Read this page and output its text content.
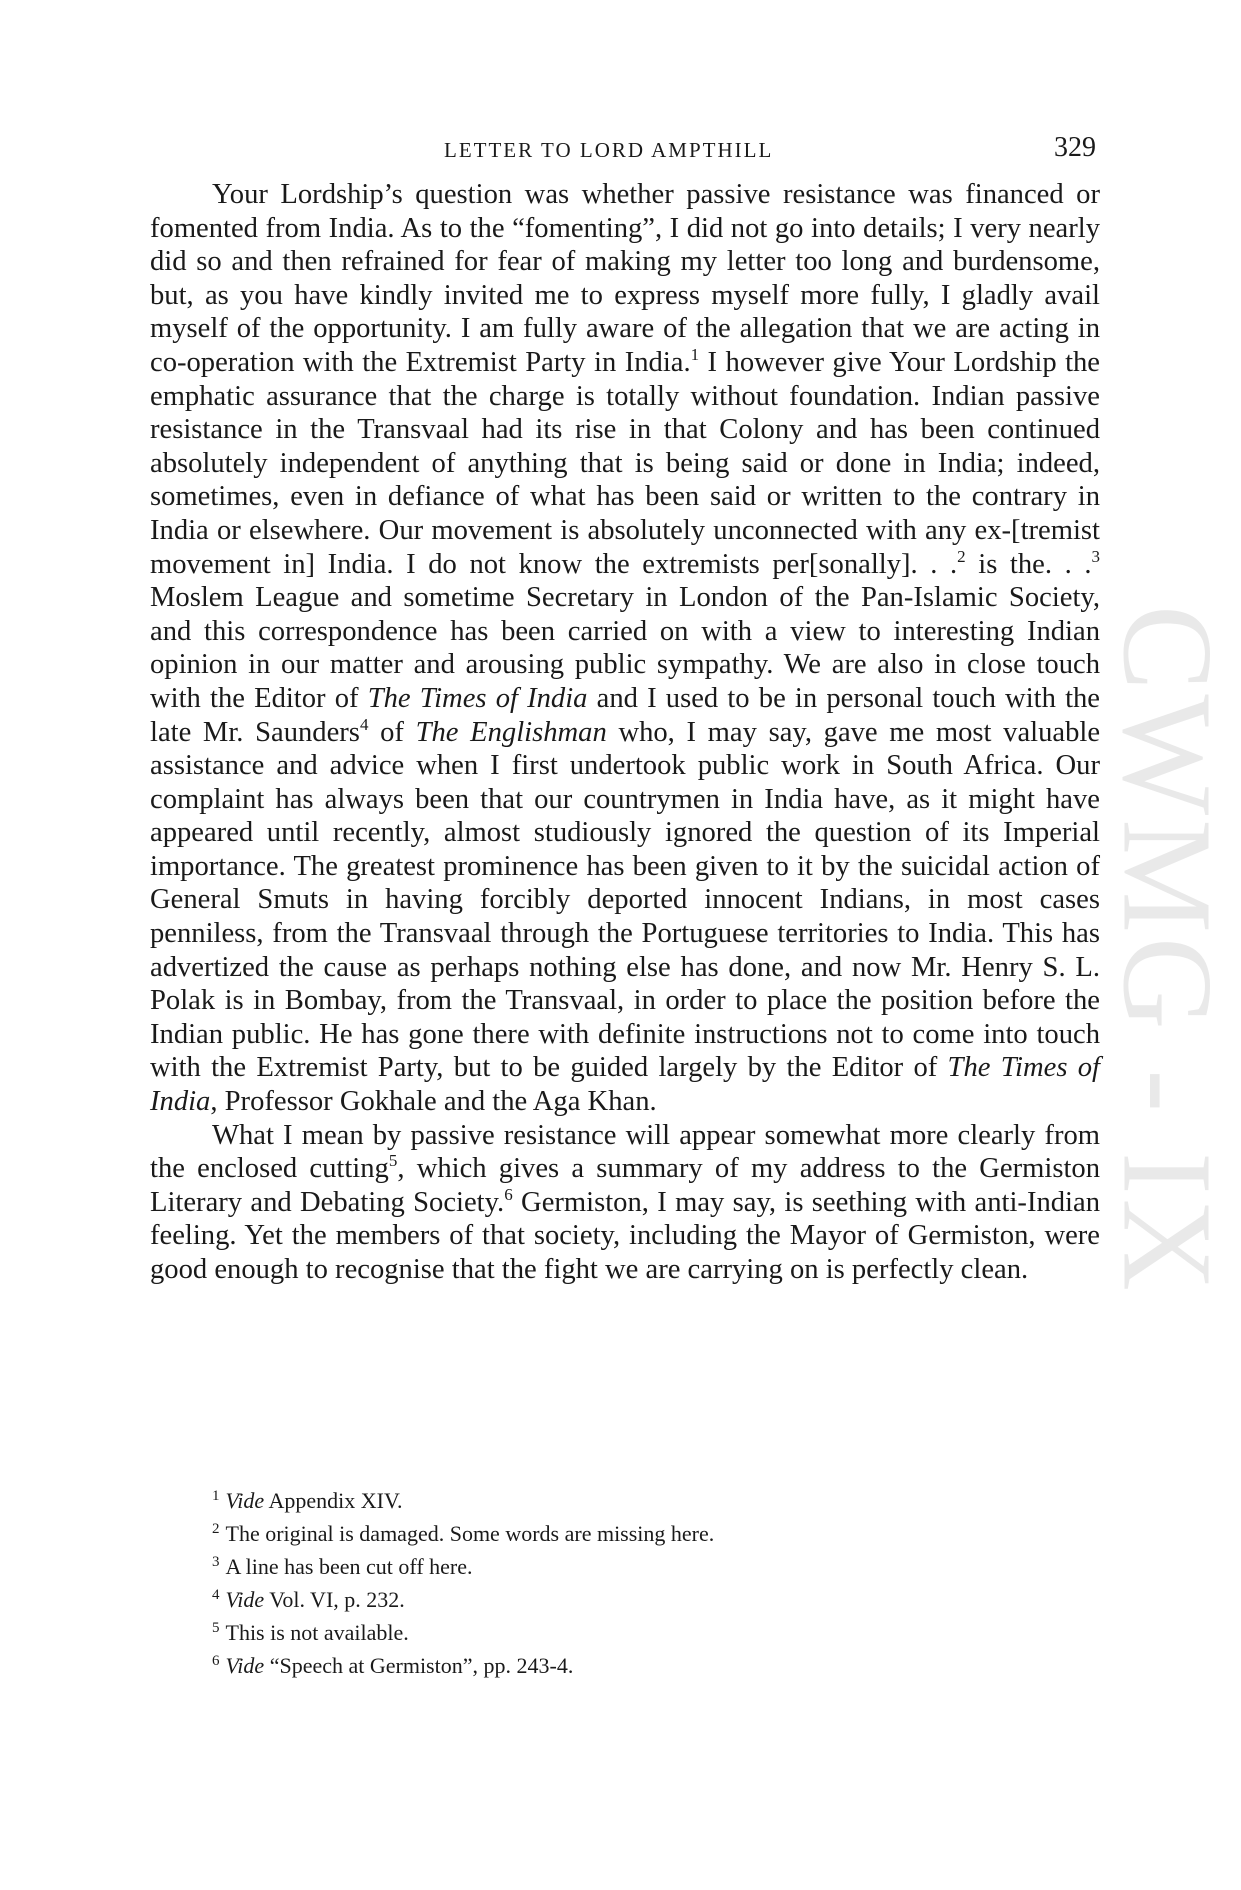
CWMG - IX
LETTER TO LORD AMPTHILL	329

Your Lordship’s question was whether passive resistance was financed or fomented from India. As to the “fomenting”, I did not go into details; I very nearly did so and then refrained for fear of making my letter too long and burdensome, but, as you have kindly invited me to express myself more fully, I gladly avail myself of the opportunity. I am fully aware of the allegation that we are acting in co-operation with the Extremist Party in India.$^1$ I however give Your Lordship the emphatic assurance that the charge is totally without foundation. Indian passive resistance in the Transvaal had its rise in that Colony and has been continued absolutely independent of anything that is being said or done in India; indeed, sometimes, even in defiance of what has been said or written to the contrary in India or elsewhere. Our movement is absolutely unconnected with any ex-[tremist movement in] India. I do not know the extremists per[sonally]. . .$^2$ is the. . .$^3$ Moslem League and sometime Secretary in London of the Pan-Islamic Society, and this correspondence has been carried on with a view to interesting Indian opinion in our matter and arousing public sympathy. We are also in close touch with the Editor of The Times of India and I used to be in personal touch with the late Mr. Saunders$^4$ of The Englishman who, I may say, gave me most valuable assistance and advice when I first undertook public work in South Africa. Our complaint has always been that our countrymen in India have, as it might have appeared until recently, almost studiously ignored the question of its Imperial importance. The greatest prominence has been given to it by the suicidal action of General Smuts in having forcibly deported innocent Indians, in most cases penniless, from the Transvaal through the Portuguese territories to India. This has advertized the cause as perhaps nothing else has done, and now Mr. Henry S. L. Polak is in Bombay, from the Transvaal, in order to place the position before the Indian public. He has gone there with definite instructions not to come into touch with the Extremist Party, but to be guided largely by the Editor of The Times of India, Professor Gokhale and the Aga Khan.

What I mean by passive resistance will appear somewhat more clearly from the enclosed cutting$^5$, which gives a summary of my address to the Germiston Literary and Debating Society.$^6$ Germiston, I may say, is seething with anti-Indian feeling. Yet the members of that society, including the Mayor of Germiston, were good enough to recognise that the fight we are carrying on is perfectly clean.

$^1$ Vide Appendix XIV.

$^2$ The original is damaged. Some words are missing here.

$^3$ A line has been cut off here.

$^4$ Vide Vol. VI, p. 232.

$^5$ This is not available.

$^6$ Vide “Speech at Germiston”, pp. 243-4.
